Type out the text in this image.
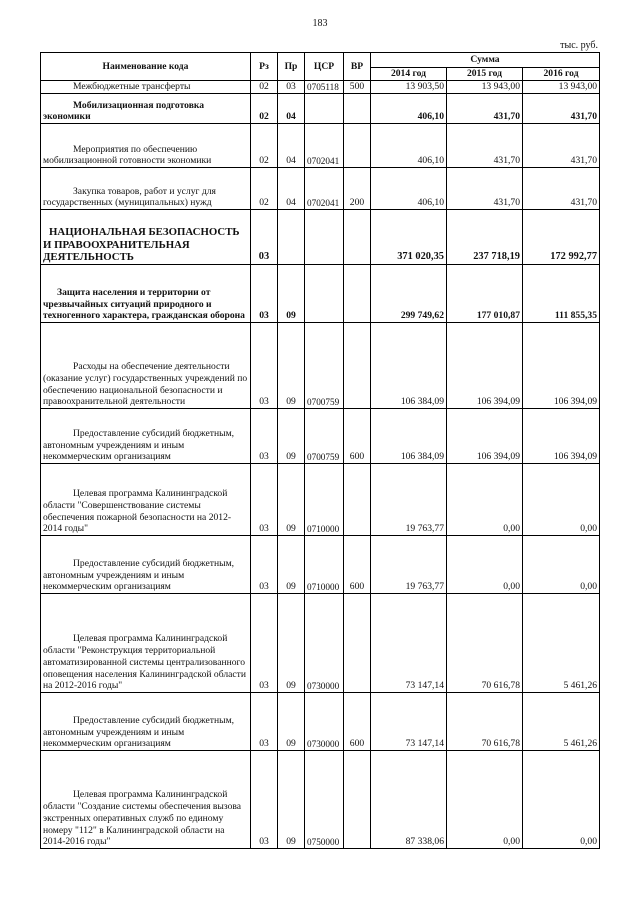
183
тыс. руб.
Наименование кода	Рз	Пр	ЦСР	ВР	Сумма		
					2014 год	2015 год	2016 год

Межбюджетные трансферты	02	03	0705118	500	13 903,50	13 943,00	13 943,00

Мобилизационная подготовка экономики	02	04			406,10	431,70	431,70

Мероприятия по обеспечению мобилизационной готовности экономики	02	04	0702041		406,10	431,70	431,70

Закупка товаров, работ и услуг для государственных (муниципальных) нужд	02	04	0702041	200	406,10	431,70	431,70

НАЦИОНАЛЬНАЯ БЕЗОПАСНОСТЬ И ПРАВООХРАНИТЕЛЬНАЯ ДЕЯТЕЛЬНОСТЬ	03				371 020,35	237 718,19	172 992,77

Защита населения и территории от чрезвычайных ситуаций природного и техногенного характера, гражданская оборона	03	09			299 749,62	177 010,87	111 855,35

Расходы на обеспечение деятельности (оказание услуг) государственных учреждений по обеспечению национальной безопасности и правоохранительной деятельности	03	09	0700759		106 384,09	106 394,09	106 394,09

Предоставление субсидий бюджетным, автономным учреждениям и иным некоммерческим организациям	03	09	0700759	600	106 384,09	106 394,09	106 394,09

Целевая программа Калининградской области "Совершенствование системы обеспечения пожарной безопасности на 2012-2014 годы"	03	09	0710000		19 763,77	0,00	0,00

Предоставление субсидий бюджетным, автономным учреждениям и иным некоммерческим организациям	03	09	0710000	600	19 763,77	0,00	0,00

Целевая программа Калининградской области "Реконструкция территориальной автоматизированной системы централизованного оповещения населения Калининградской области на 2012-2016 годы"	03	09	0730000		73 147,14	70 616,78	5 461,26

Предоставление субсидий бюджетным, автономным учреждениям и иным некоммерческим организациям	03	09	0730000	600	73 147,14	70 616,78	5 461,26

Целевая программа Калининградской области "Создание системы обеспечения вызова экстренных оперативных служб по единому номеру "112" в Калининградской области на 2014-2016 годы"	03	09	0750000		87 338,06	0,00	0,00
